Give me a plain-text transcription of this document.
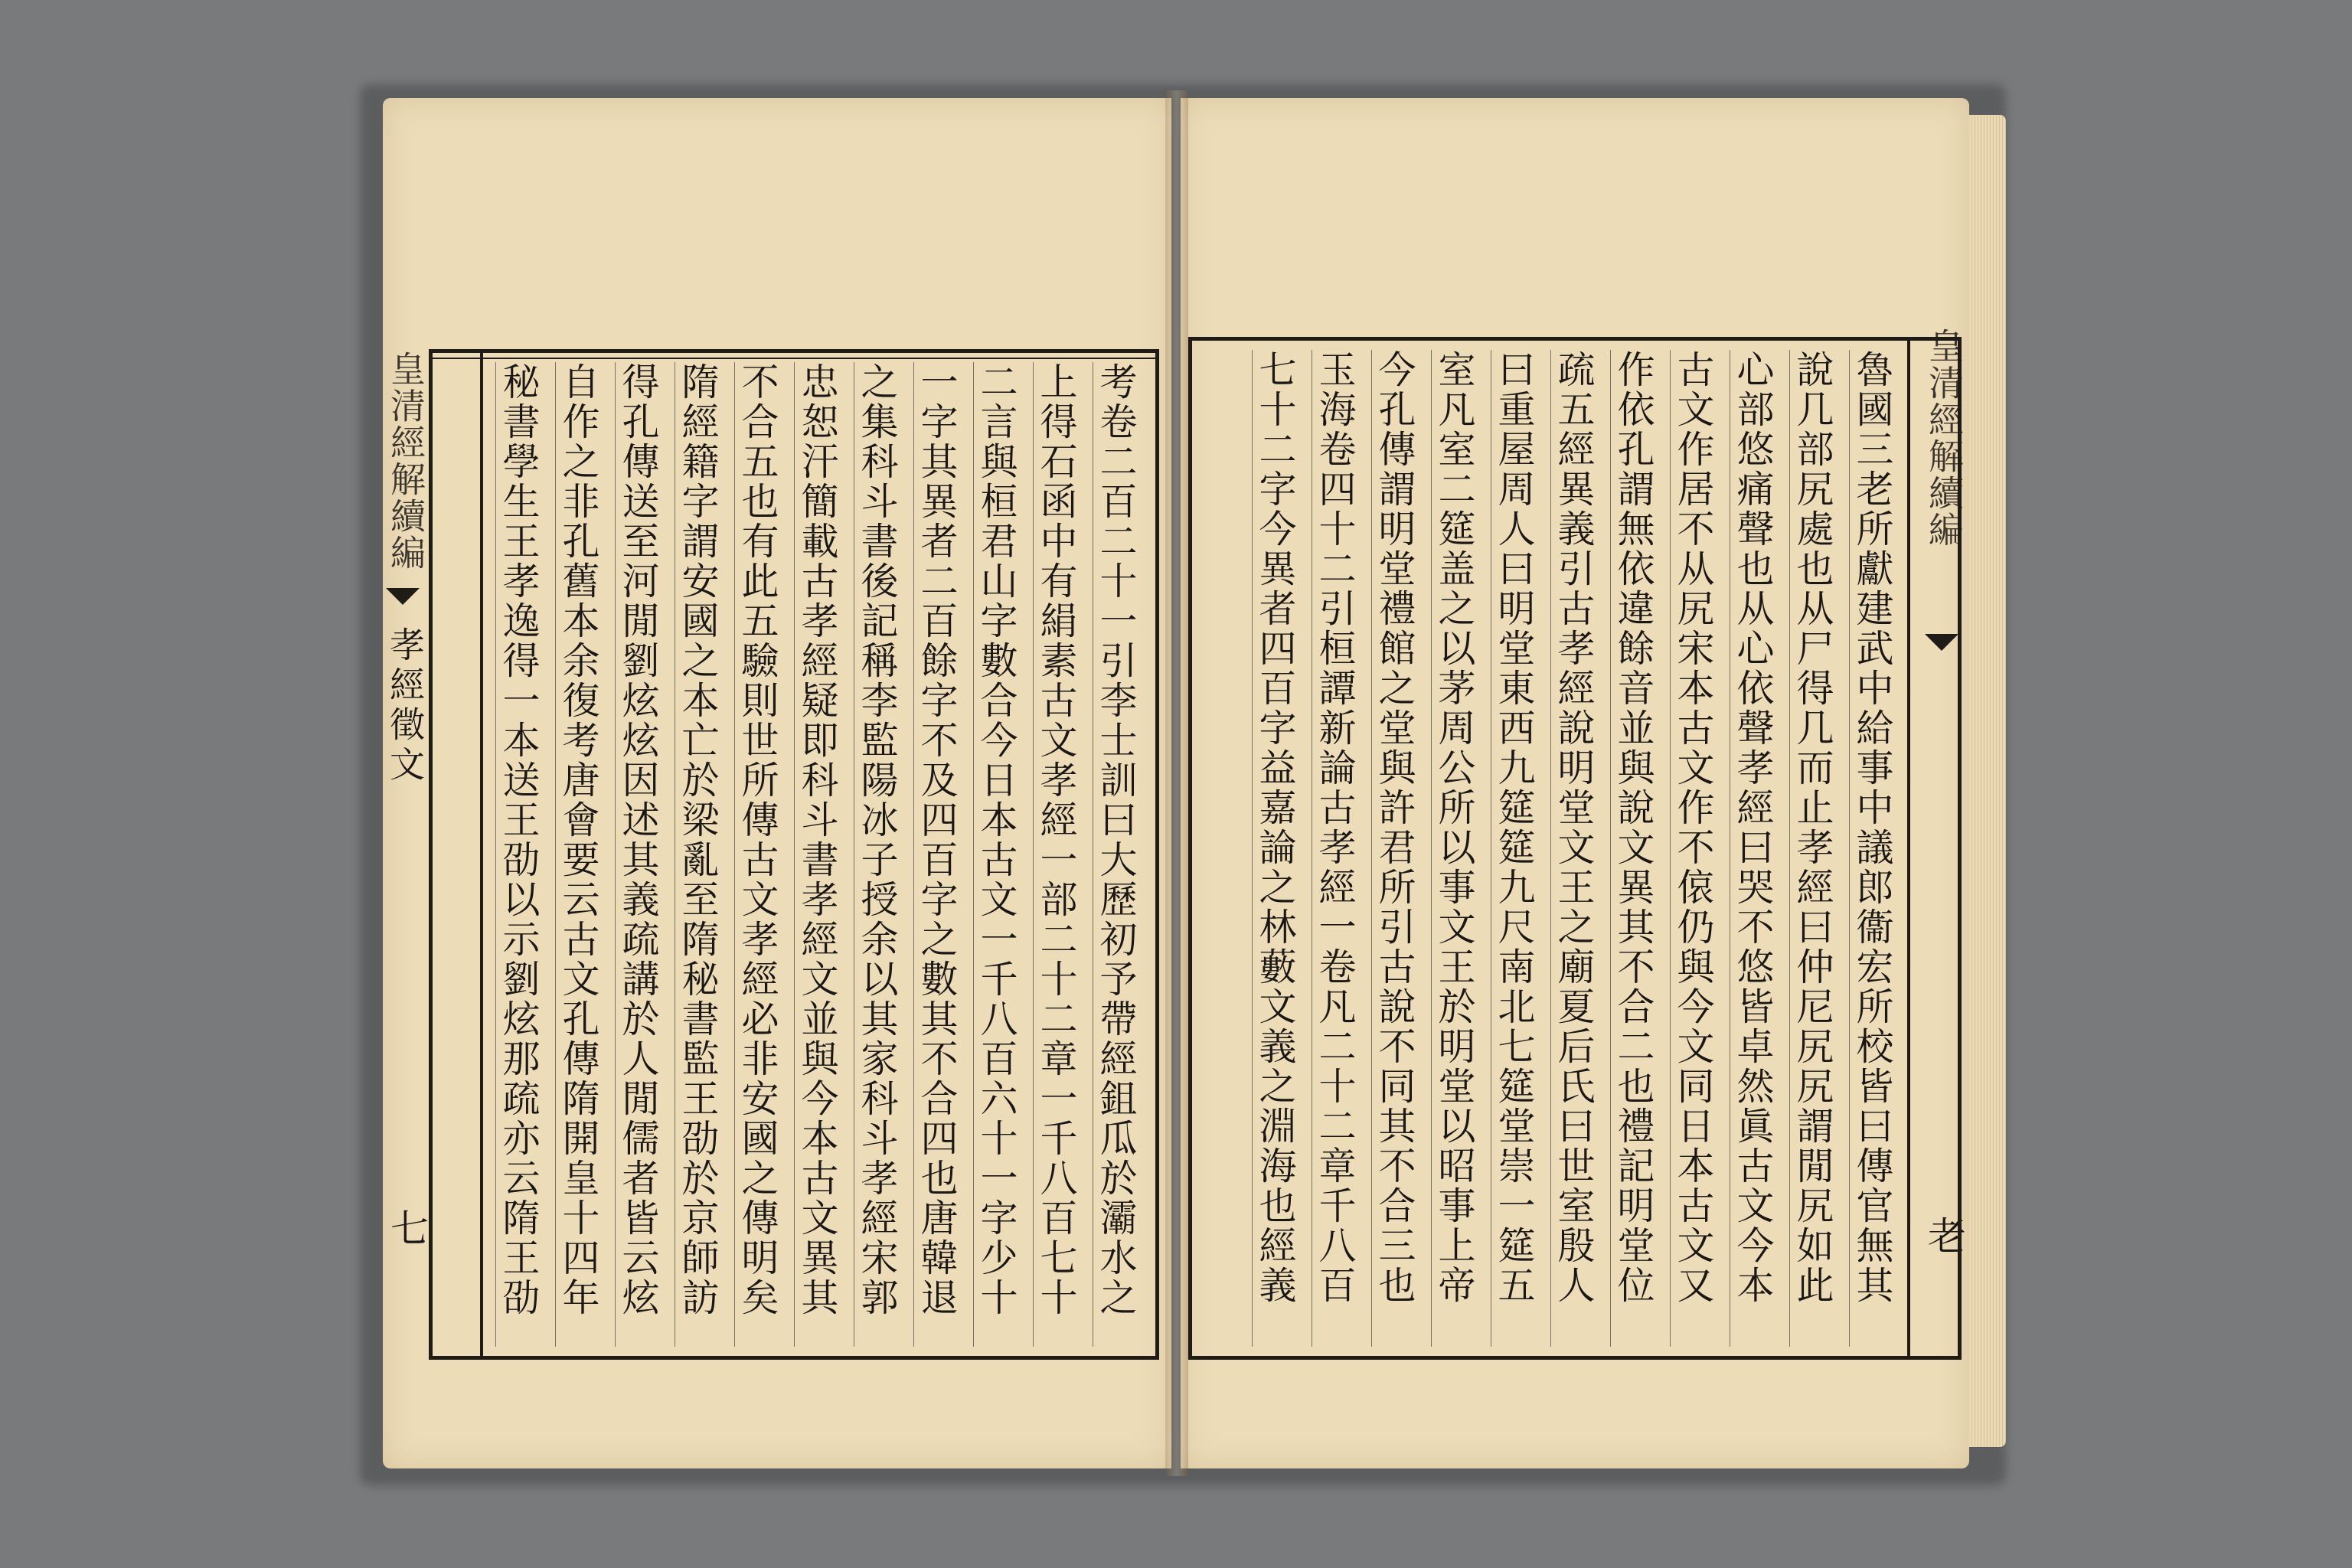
皇清經解續編
孝經徵文
七
皇清經解續編
老
考卷二百二十一引李士訓曰大歷初予帶經鉏瓜於灞水之
上得石函中有絹素古文孝經一部二十二章一千八百七十
二言與桓君山字數合今日本古文一千八百六十一字少十
一字其異者二百餘字不及四百字之數其不合四也唐韓退
之集科斗書後記稱李監陽冰子授余以其家科斗孝經宋郭
忠恕汗簡載古孝經疑即科斗書孝經文並與今本古文異其
不合五也有此五驗則世所傳古文孝經必非安國之傳明矣
隋經籍字謂安國之本亡於梁亂至隋秘書監王劭於京師訪
得孔傳送至河閒劉炫炫因述其義疏講於人閒儒者皆云炫
自作之非孔舊本余復考唐會要云古文孔傳隋開皇十四年
秘書學生王孝逸得一本送王劭以示劉炫那疏亦云隋王劭	魯國三老所獻建武中給事中議郎衞宏所校皆曰傳官無其
說几部尻處也从尸得几而止孝經曰仲尼尻尻謂閒尻如此
心部悠痛聲也从心依聲孝經曰哭不悠皆卓然眞古文今本
古文作居不从尻宋本古文作不偯仍與今文同日本古文又
作依孔謂無依違餘音並與說文異其不合二也禮記明堂位
疏五經異義引古孝經說明堂文王之廟夏后氏曰世室殷人
曰重屋周人曰明堂東西九筵筵九尺南北七筵堂崇一筵五
室凡室二筵盖之以茅周公所以事文王於明堂以昭事上帝
今孔傳謂明堂禮館之堂與許君所引古說不同其不合三也
玉海卷四十二引桓譚新論古孝經一卷凡二十二章千八百
七十二字今異者四百字益嘉論之林藪文義之淵海也經義
